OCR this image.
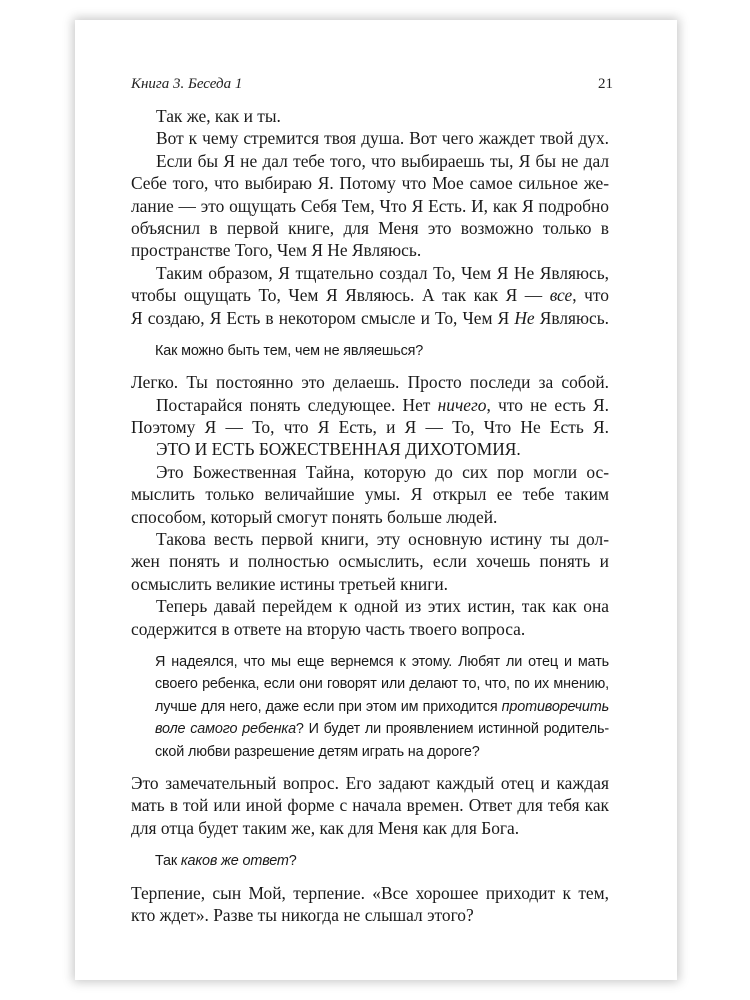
Книга 3. Беседа 1	21
Так же, как и ты.
Вот к чему стремится твоя душа. Вот чего жаждет твой дух.
Если бы Я не дал тебе того, что выбираешь ты, Я бы не дал
Себе того, что выбираю Я. Потому что Мое самое сильное же-
лание — это ощущать Себя Тем, Что Я Есть. И, как Я подробно
объяснил в первой книге, для Меня это возможно только в
пространстве Того, Чем Я Не Являюсь.
Таким образом, Я тщательно создал То, Чем Я Не Являюсь,
чтобы ощущать То, Чем Я Являюсь. А так как Я — все, что
Я создаю, Я Есть в некотором смысле и То, Чем Я Не Являюсь.
Как можно быть тем, чем не являешься?
Легко. Ты постоянно это делаешь. Просто последи за собой.
Постарайся понять следующее. Нет ничего, что не есть Я.
Поэтому Я — То, что Я Есть, и Я — То, Что Не Есть Я.
ЭТО И ЕСТЬ БОЖЕСТВЕННАЯ ДИХОТОМИЯ.
Это Божественная Тайна, которую до сих пор могли ос-
мыслить только величайшие умы. Я открыл ее тебе таким
способом, который смогут понять больше людей.
Такова весть первой книги, эту основную истину ты дол-
жен понять и полностью осмыслить, если хочешь понять и
осмыслить великие истины третьей книги.
Теперь давай перейдем к одной из этих истин, так как она
содержится в ответе на вторую часть твоего вопроса.
Я надеялся, что мы еще вернемся к этому. Любят ли отец и мать
своего ребенка, если они говорят или делают то, что, по их мнению,
лучше для него, даже если при этом им приходится противоречить
воле самого ребенка? И будет ли проявлением истинной родитель-
ской любви разрешение детям играть на дороге?
Это замечательный вопрос. Его задают каждый отец и каждая
мать в той или иной форме с начала времен. Ответ для тебя как
для отца будет таким же, как для Меня как для Бога.
Так каков же ответ?
Терпение, сын Мой, терпение. «Все хорошее приходит к тем,
кто ждет». Разве ты никогда не слышал этого?
